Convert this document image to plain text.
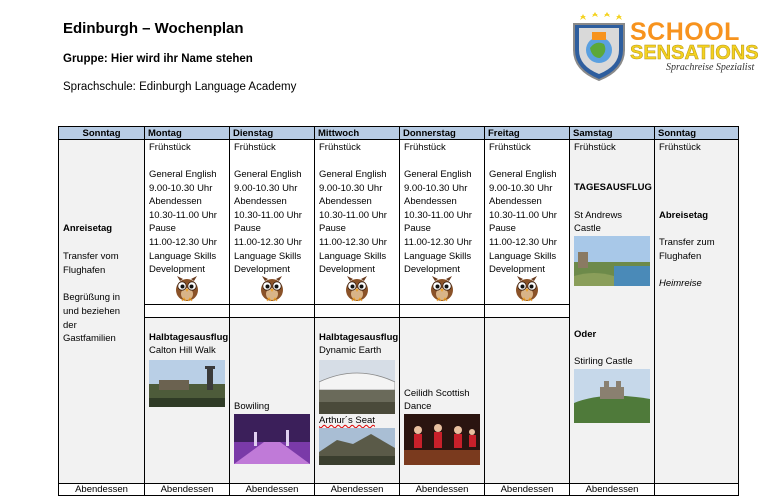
Edinburgh – Wochenplan
Gruppe: Hier wird ihr Name stehen
Sprachschule: Edinburgh Language Academy
SCHOOL
SENSATIONS
Sprachreise Spezialist
Sonntag
Anreisetag
Transfer vom
Flughafen
Begrüßung in
und beziehen
der
Gastfamilien
Abendessen
Montag
Frühstück
General English
9.00-10.30 Uhr
Abendessen
10.30-11.00 Uhr
Pause
11.00-12.30 Uhr
Language Skills
Development
Halbtagesausflug
Calton Hill Walk
Abendessen
Dienstag
Frühstück
General English
9.00-10.30 Uhr
Abendessen
10.30-11.00 Uhr
Pause
11.00-12.30 Uhr
Language Skills
Development
Bowiling
Abendessen
Mittwoch
Frühstück
General English
9.00-10.30 Uhr
Abendessen
10.30-11.00 Uhr
Pause
11.00-12.30 Uhr
Language Skills
Development
Halbtagesausflug
Dynamic Earth
Arthur´s Seat
Abendessen
Donnerstag
Frühstück
General English
9.00-10.30 Uhr
Abendessen
10.30-11.00 Uhr
Pause
11.00-12.30 Uhr
Language Skills
Development
Ceilidh Scottish
Dance
Abendessen
Freitag
Frühstück
General English
9.00-10.30 Uhr
Abendessen
10.30-11.00 Uhr
Pause
11.00-12.30 Uhr
Language Skills
Development
Abendessen
Samstag
Frühstück
TAGESAUSFLUG
St Andrews
Castle
Oder
Stirling Castle
Abendessen
Sonntag
Frühstück
Abreisetag
Transfer zum
Flughafen
Heimreise
